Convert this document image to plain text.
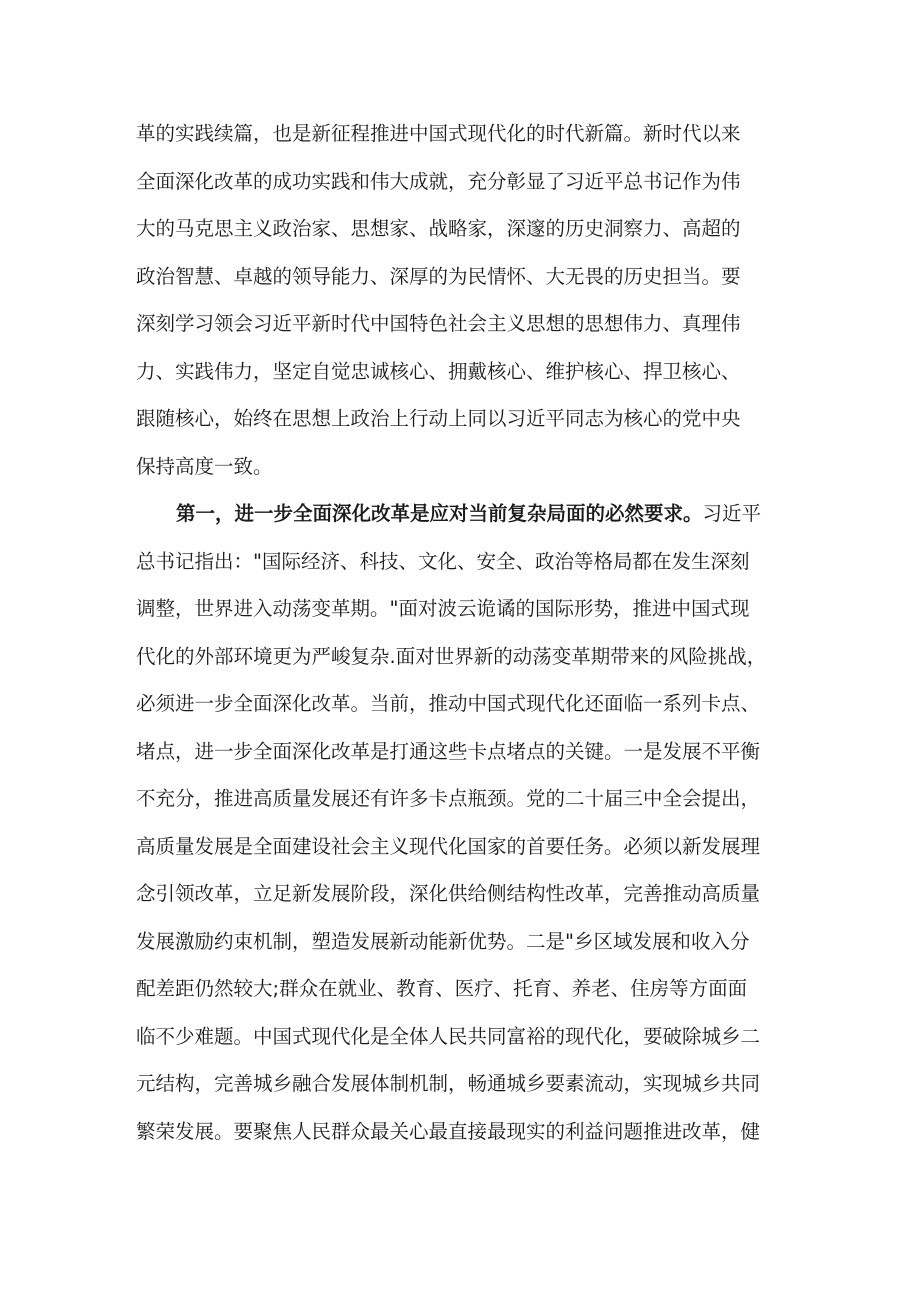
革的实践续篇，也是新征程推进中国式现代化的时代新篇。新时代以来
全面深化改革的成功实践和伟大成就，充分彰显了习近平总书记作为伟
大的马克思主义政治家、思想家、战略家，深邃的历史洞察力、高超的
政治智慧、卓越的领导能力、深厚的为民情怀、大无畏的历史担当。要
深刻学习领会习近平新时代中国特色社会主义思想的思想伟力、真理伟
力、实践伟力，坚定自觉忠诚核心、拥戴核心、维护核心、捍卫核心、
跟随核心，始终在思想上政治上行动上同以习近平同志为核心的党中央
保持高度一致。
第一，进一步全面深化改革是应对当前复杂局面的必然要求。习近平
总书记指出："国际经济、科技、文化、安全、政治等格局都在发生深刻
调整，世界进入动荡变革期。"面对波云诡谲的国际形势，推进中国式现
代化的外部环境更为严峻复杂.面对世界新的动荡变革期带来的风险挑战，
必须进一步全面深化改革。当前，推动中国式现代化还面临一系列卡点、
堵点，进一步全面深化改革是打通这些卡点堵点的关键。一是发展不平衡
不充分，推进高质量发展还有许多卡点瓶颈。党的二十届三中全会提出，
高质量发展是全面建设社会主义现代化国家的首要任务。必须以新发展理
念引领改革，立足新发展阶段，深化供给侧结构性改革，完善推动高质量
发展激励约束机制，塑造发展新动能新优势。二是"乡区域发展和收入分
配差距仍然较大;群众在就业、教育、医疗、托育、养老、住房等方面面
临不少难题。中国式现代化是全体人民共同富裕的现代化，要破除城乡二
元结构，完善城乡融合发展体制机制，畅通城乡要素流动，实现城乡共同
繁荣发展。要聚焦人民群众最关心最直接最现实的利益问题推进改革，健
